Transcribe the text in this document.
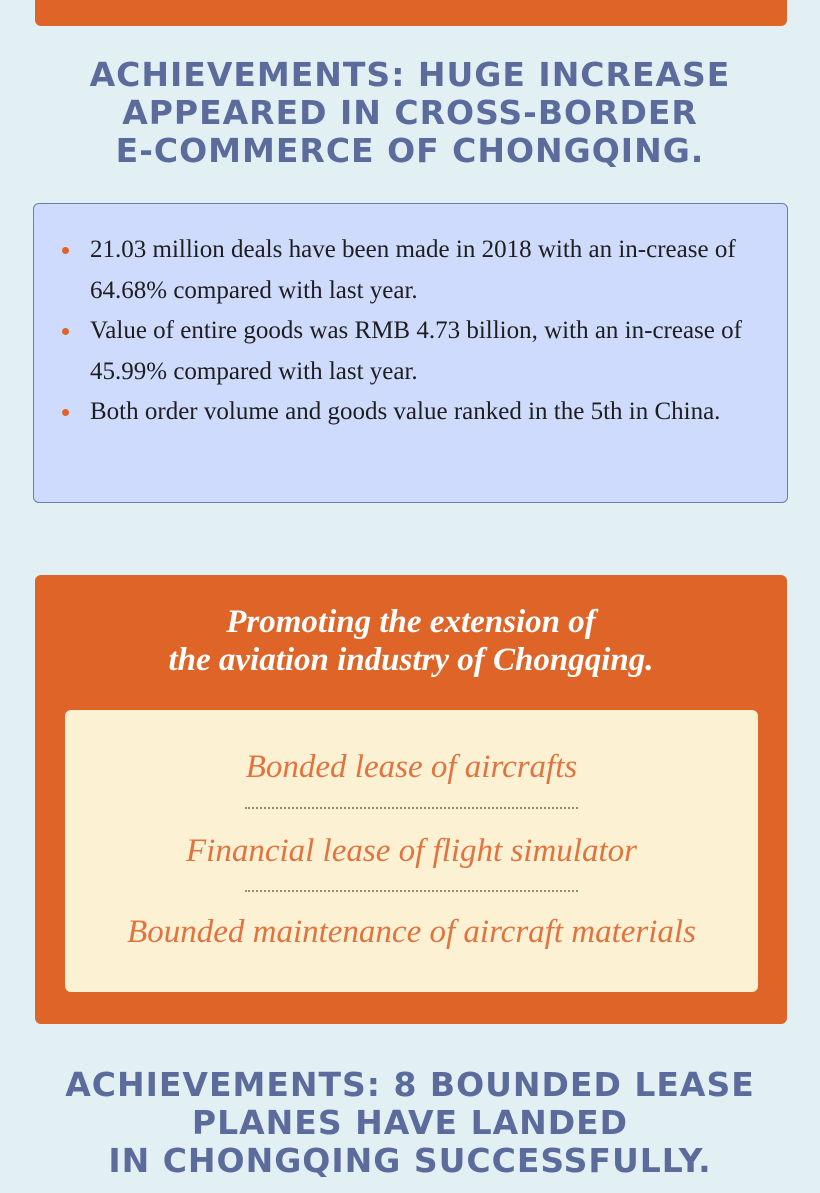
ACHIEVEMENTS: HUGE INCREASE
APPEARED IN CROSS-BORDER
E-COMMERCE OF CHONGQING.
21.03 million deals have been made in 2018 with an in-crease of 64.68% compared with last year.
Value of entire goods was RMB 4.73 billion, with an in-crease of 45.99% compared with last year.
Both order volume and goods value ranked in the 5th in China.
Promoting the extension of
the aviation industry of Chongqing.
Bonded lease of aircrafts
Financial lease of flight simulator
Bounded maintenance of aircraft materials
ACHIEVEMENTS: 8 BOUNDED LEASE
PLANES HAVE LANDED
IN CHONGQING SUCCESSFULLY.
